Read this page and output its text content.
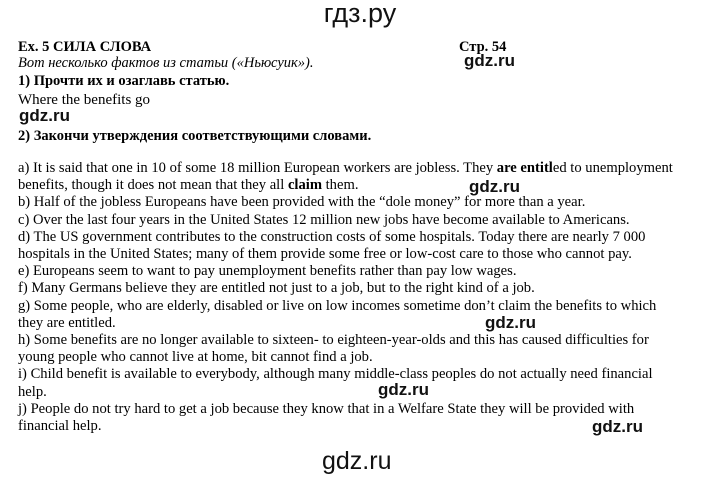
гдз.ру
Ex. 5 СИЛА СЛОВА	Стр. 54
Вот несколько фактов из статьи («Ньюсуик»).
1) Прочти их и озаглавь статью.
Where the benefits go
2) Закончи утверждения соответствующими словами.
a) It is said that one in 10 of some 18 million European workers are jobless. They are entitled to unemployment
benefits, though it does not mean that they all claim them.
b) Half of the jobless Europeans have been provided with the “dole money” for more than a year.
c) Over the last four years in the United States 12 million new jobs have become available to Americans.
d) The US government contributes to the construction costs of some hospitals. Today there are nearly 7 000
hospitals in the United States; many of them provide some free or low-cost care to those who cannot pay.
e) Europeans seem to want to pay unemployment benefits rather than pay low wages.
f) Many Germans believe they are entitled not just to a job, but to the right kind of a job.
g) Some people, who are elderly, disabled or live on low incomes sometime don’t claim the benefits to which
they are entitled.
h) Some benefits are no longer available to sixteen- to eighteen-year-olds and this has caused difficulties for
young people who cannot live at home, bit cannot find a job.
i) Child benefit is available to everybody, although many middle-class peoples do not actually need financial
help.
j) People do not try hard to get a job because they know that in a Welfare State they will be provided with
financial help.
gdz.ru
gdz.ru
gdz.ru
gdz.ru
gdz.ru
gdz.ru
gdz.ru
